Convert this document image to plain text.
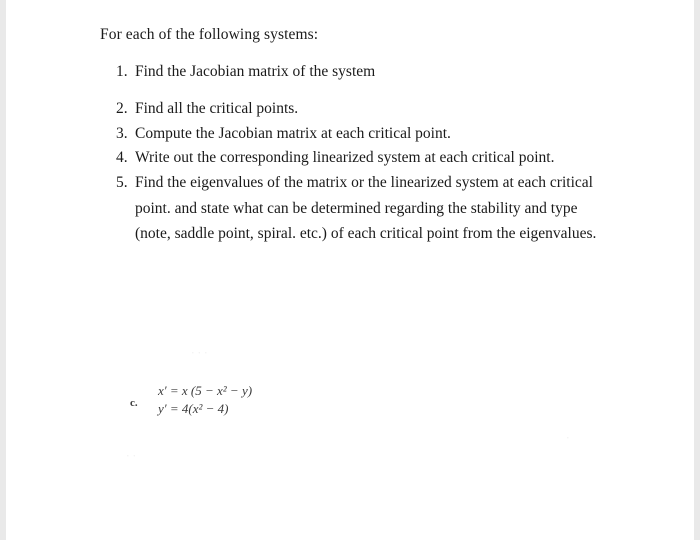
For each of the following systems:
1. Find the Jacobian matrix of the system
2. Find all the critical points.
3. Compute the Jacobian matrix at each critical point.
4. Write out the corresponding linearized system at each critical point.
5. Find the eigenvalues of the matrix or the linearized system at each critical point. and state what can be determined regarding the stability and type (note, saddle point, spiral. etc.) of each critical point from the eigenvalues.
· · ·
· ·
·
c.
x′ = x (5 − x² − y)
y′ = 4(x² − 4)
